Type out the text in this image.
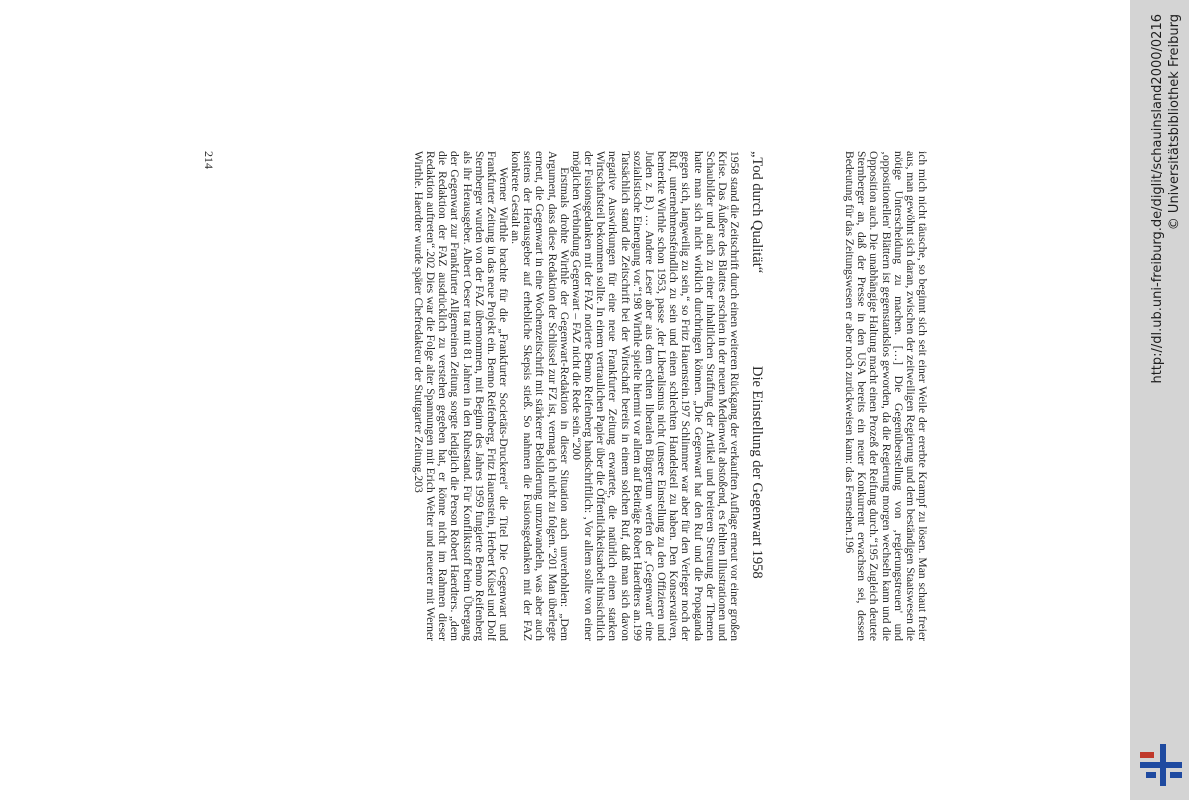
ich mich nicht täusche, so beginnt sich seit einer Weile der ererbte Krampf zu lösen. Man schaut freier aus, man gewöhnt sich daran, zwischen der zeitweiligen Regierung und dem beständigen Staatswesen die nötige Unterscheidung zu machen. […] Die Gegenüberstellung von ‚regierungstreuen' und ‚oppositionellen' Blättern ist gegenstandslos geworden, da die Regierung morgen wechseln kann und die Opposition auch. Die unabhängige Haltung macht einen Prozeß der Reifung durch.“195 Zugleich deutete Sternberger an, daß der Presse in den USA bereits ein neuer Konkurrent erwachsen sei, dessen Bedeutung für das Zeitungswesen er aber noch zurückweisen kann: das Fernsehen.196

„Tod durch Qualität“Die Einstellung der Gegenwart 1958

1958 stand die Zeitschrift durch einen weiteren Rückgang der verkauften Auflage erneut vor einer großen Krise. Das Äußere des Blattes erschien in der neuen Medienwelt abstoßend, es fehlten Illustrationen und Schaubilder und auch zu einer inhaltlichen Straffung der Artikel und breiteren Streuung der Themen hatte man sich nicht wirklich durchringen können. „Die Gegenwart hat den Ruf und die Propaganda gegen sich, langweilig zu sein,“ so Fritz Hauenstein.197 Schlimmer war aber für den Verleger noch der Ruf, unternehmensfeindlich zu sein und einen schlechten Handelsteil zu haben. Den Konservativen, bemerkte Wirthle schon 1953, passe ‚der Liberalismus nicht (unsere Einstellung zu den Offizieren und Juden z. B.) … Andere Leser aber aus dem echten liberalen Bürgertum werfen der ‚Gegenwart' eine sozialistische Einengung vor.“198 Wirthle spielte hiermit vor allem auf Beiträge Robert Haerdters an.199 Tatsächlich stand die Zeitschrift bei der Wirtschaft bereits in einem solchen Ruf, daß man sich davon negative Auswirkungen für eine neue Frankfurter Zeitung erwartete, die natürlich einen starken Wirtschaftsteil bekommen sollte. In einem vertraulichen Papier über die Öffentlichkeitsarbeit hinsichtlich der Fusionsgedanken mit der FAZ notierte Benno Reifenberg handschriftlich: ‚Vor allem sollte von einer möglichen Verbindung Gegenwart – FAZ nicht die Rede sein.“200

Erstmals drohte Wirthle der Gegenwart-Redaktion in dieser Situation auch unverhohlen: „Dem Argument, dass diese Redaktion der Schlüssel zur FZ ist, vermag ich nicht zu folgen.“201 Man überlegte erneut, die Gegenwart in eine Wochenzeitschrift mit stärkerer Bebilderung umzuwandeln, was aber auch seitens der Herausgeber auf erhebliche Skepsis stieß. So nahmen die Fusionsgedanken mit der FAZ konkrete Gestalt an.

Werner Wirthle brachte für die „Frankfurter Societäts-Druckerei“ die Titel Die Gegenwart und Frankfurter Zeitung in das neue Projekt ein. Benno Reifenberg, Fritz Hauenstein, Herbert Küsel und Dolf Sternberger wurden von der FAZ übernommen, mit Beginn des Jahres 1959 fungierte Benno Reifenberg als ihr Herausgeber. Albert Oeser trat mit 81 Jahren in den Ruhestand. Für Konfliktstoff beim Übergang der Gegenwart zur Frankfurter Allgemeinen Zeitung sorgte lediglich die Person Robert Haerdters. „dem die Redaktion der FAZ ausdrücklich zu verstehen gegeben hat, er könne nicht im Rahmen dieser Redaktion auftreten“.202 Dies war die Folge alter Spannungen mit Erich Welter und neuerer mit Werner Wirthle. Haerdter wurde später Chefredakteur der Stuttgarter Zeitung.203

214	http://dl.ub.uni-freiburg.de/diglit/schauinsland2000/0216 © Universitätsbibliothek Freiburg
